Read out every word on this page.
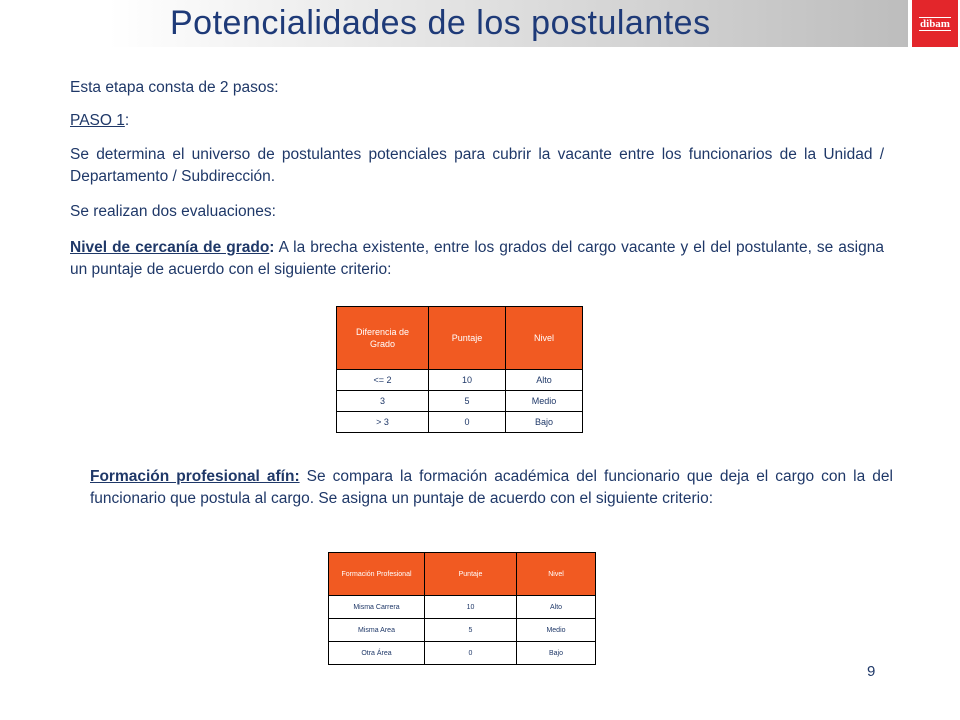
Potencialidades de los postulantes	dibam
Esta etapa consta de 2 pasos:
PASO 1:
Se determina el universo de postulantes potenciales para cubrir la vacante entre los funcionarios de la Unidad / Departamento / Subdirección.
Se realizan dos evaluaciones:
Nivel de cercanía de grado: A la brecha existente, entre los grados del cargo vacante y el del postulante, se asigna un puntaje de acuerdo con el siguiente criterio:
Diferencia de Grado	Puntaje	Nivel
<= 2	10	Alto
3	5	Medio
> 3	0	Bajo
Formación profesional afín: Se compara la formación académica del funcionario que deja el cargo con la del funcionario que postula al cargo. Se asigna un puntaje de acuerdo con el siguiente criterio:
Formación Profesional	Puntaje	Nivel
Misma Carrera	10	Alto
Misma Area	5	Medio
Otra Área	0	Bajo
9
